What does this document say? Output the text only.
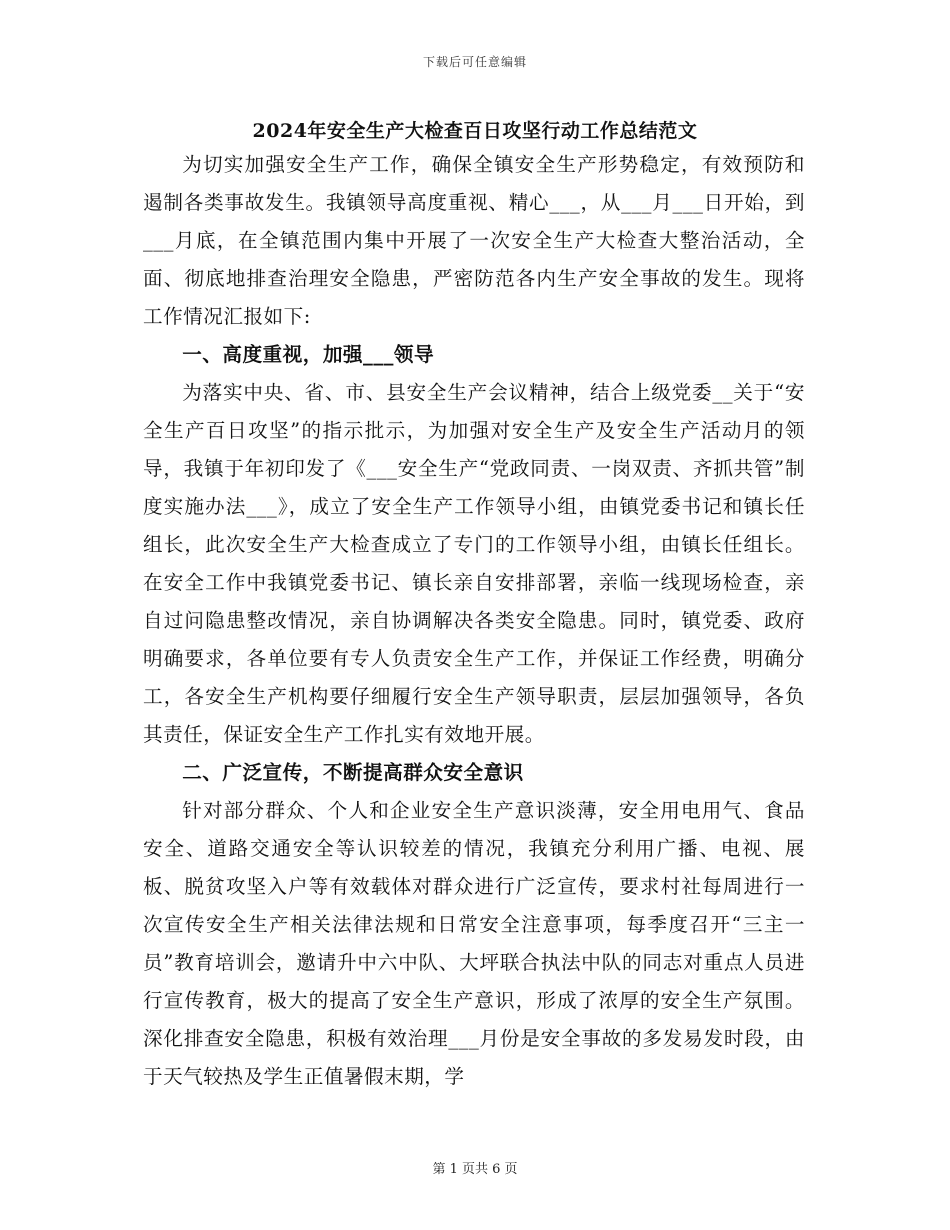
下载后可任意编辑
2024年安全生产大检查百日攻坚行动工作总结范文

为切实加强安全生产工作，确保全镇安全生产形势稳定，有效预防和遏制各类事故发生。我镇领导高度重视、精心___，从___月___日开始，到___月底，在全镇范围内集中开展了一次安全生产大检查大整治活动，全面、彻底地排查治理安全隐患，严密防范各内生产安全事故的发生。现将工作情况汇报如下:

一、高度重视，加强___领导

为落实中央、省、市、县安全生产会议精神，结合上级党委__关于“安全生产百日攻坚”的指示批示，为加强对安全生产及安全生产活动月的领导，我镇于年初印发了《___安全生产“党政同责、一岗双责、齐抓共管”制度实施办法___》，成立了安全生产工作领导小组，由镇党委书记和镇长任组长，此次安全生产大检查成立了专门的工作领导小组，由镇长任组长。在安全工作中我镇党委书记、镇长亲自安排部署，亲临一线现场检查，亲自过问隐患整改情况，亲自协调解决各类安全隐患。同时，镇党委、政府明确要求，各单位要有专人负责安全生产工作，并保证工作经费，明确分工，各安全生产机构要仔细履行安全生产领导职责，层层加强领导，各负其责任，保证安全生产工作扎实有效地开展。

二、广泛宣传，不断提高群众安全意识

针对部分群众、个人和企业安全生产意识淡薄，安全用电用气、食品安全、道路交通安全等认识较差的情况，我镇充分利用广播、电视、展板、脱贫攻坚入户等有效载体对群众进行广泛宣传，要求村社每周进行一次宣传安全生产相关法律法规和日常安全注意事项，每季度召开“三主一员”教育培训会，邀请升中六中队、大坪联合执法中队的同志对重点人员进行宣传教育，极大的提高了安全生产意识，形成了浓厚的安全生产氛围。深化排查安全隐患，积极有效治理___月份是安全事故的多发易发时段，由于天气较热及学生正值暑假末期，学

第 1 页共 6 页
